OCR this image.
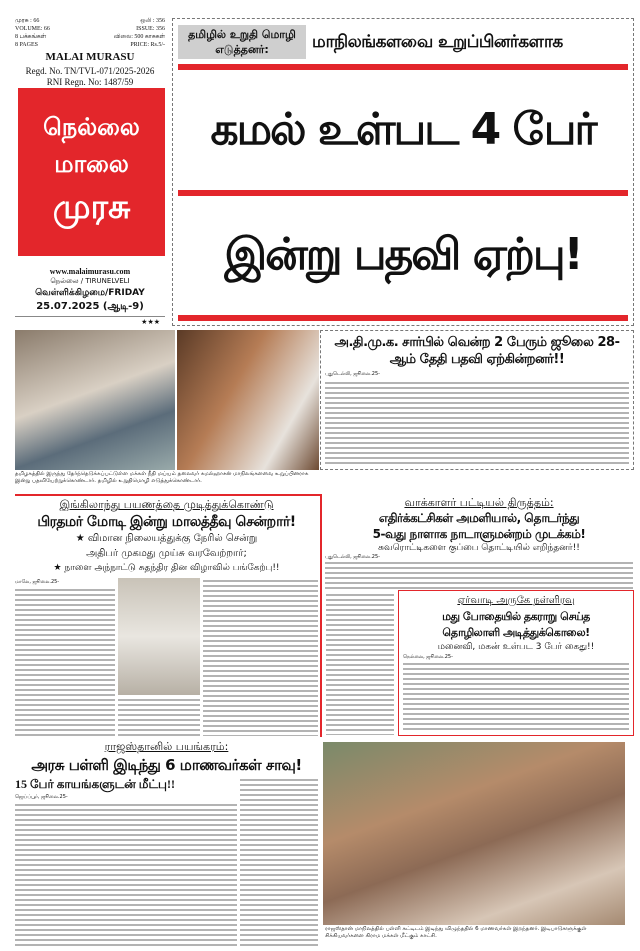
முரசு : 66	ஒலி : 356
VOLUME: 66	ISSUE: 356
8 பக்கங்கள்	விலை: 500 காசுகள்
8 PAGES	PRICE: Rs.5/-
MALAI MURASU
Regd. No. TN/TVL-071/2025-2026
RNI Regn. No: 1487/59
நெல்லை
மாலை
முரசு
www.malaimurasu.com
நெல்லை / TIRUNELVELI
வெள்ளிக்கிழமை/FRIDAY
25.07.2025 (ஆடி-9)
★★★
தமிழில் உறுதி மொழி எடுத்தனர்:	மாநிலங்களவை உறுப்பினர்களாக
கமல் உள்பட 4 பேர்
இன்று பதவி ஏற்பு!
அ.தி.மு.க. சார்பில் வென்ற 2 பேரும் ஜூலை 28-ஆம் தேதி பதவி ஏற்கின்றனர்!!
புதுடெல்லி, ஜூலை.25-
தமிழகத்தில் இருந்து தேர்ந்தெடுக்கப்பட்டுள்ள மக்கள் நீதி மய்யம் தலைவர் கமல்ஹாசன் மாநிலங்களவை உறுப்பினராக இன்று பதவியேற்றுக்கொண்டார். தமிழில் உறுதிமொழி எடுத்துக்கொண்டார்.
இங்கிலாந்து பயணத்தை முடித்துக்கொண்டு
பிரதமர் மோடி இன்று மாலத்தீவு சென்றார்!
★ விமான நிலையத்துக்கு நேரில் சென்று
அதிபர் முகமது முய்சு வரவேற்றார்;
★ நாளை அந்நாட்டு சுதந்திர தின விழாவில் பங்கேற்பு!!
மாலே, ஜூலை.25-
வாக்காளர் பட்டியல் திருத்தம்:
எதிர்க்கட்சிகள் அமளியால், தொடர்ந்து
5-வது நாளாக நாடாளுமன்றம் முடக்கம்!
சுவரொட்டிகளை குப்பை தொட்டியில் எறிந்தனர்!!
புதுடெல்லி, ஜூலை.25-
ஏர்வாடி அருகே நள்ளிரவு
மது போதையில் தகராறு செய்த
தொழிலாளி அடித்துக்கொலை!
மனைவி, மகன் உள்பட 3 பேர் கைது!!
நெல்லை, ஜூலை.25-
ராஜஸ்தானில் பயங்கரம்:
அரசு பள்ளி இடிந்து 6 மாணவர்கள் சாவு!
15 பேர் காயங்களுடன் மீட்பு!!
ஜெய்ப்பூர், ஜூலை.25-
ராஜஸ்தான் மாநிலத்தில் பள்ளி கட்டிடம் இடிந்து விழுந்ததில் 6 மாணவர்கள் இறந்தனர். இடிபாடுகளுக்குள் சிக்கியவர்களை கிராம மக்கள் மீட்கும் காட்சி.
